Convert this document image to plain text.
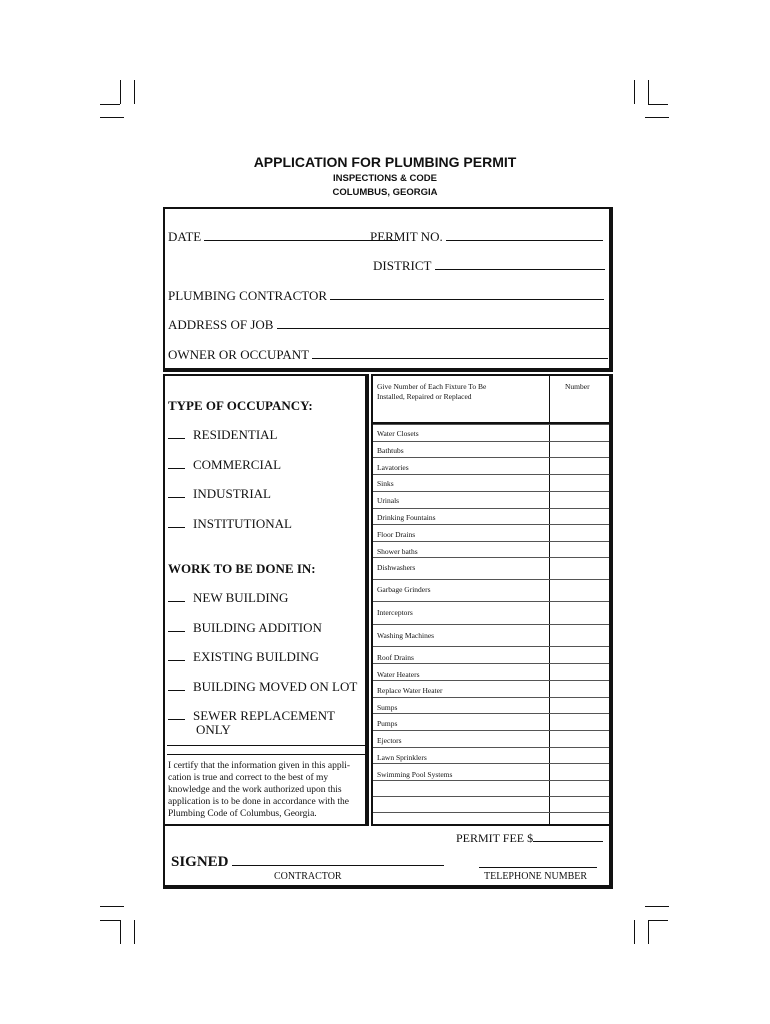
APPLICATION FOR PLUMBING PERMIT
INSPECTIONS & CODE
COLUMBUS, GEORGIA
DATE	PERMIT NO.
DISTRICT
PLUMBING CONTRACTOR
ADDRESS OF JOB
OWNER OR OCCUPANT
TYPE OF OCCUPANCY:
RESIDENTIAL
COMMERCIAL
INDUSTRIAL
INSTITUTIONAL
WORK TO BE DONE IN:
NEW BUILDING
BUILDING ADDITION
EXISTING BUILDING
BUILDING MOVED ON LOT
SEWER REPLACEMENT
ONLY
I certify that the information given in this appli-
cation is true and correct to the best of my
knowledge and the work authorized upon this
application is to be done in accordance with the
Plumbing Code of Columbus, Georgia.
Give Number of Each Fixture To Be
Installed, Repaired or Replaced
Number
Water Closets
Bathtubs
Lavatories
Sinks
Urinals
Drinking Fountains
Floor Drains
Shower baths
Dishwashers
Garbage Grinders
Interceptors
Washing Machines
Roof Drains
Water Heaters
Replace Water Heater
Sumps
Pumps
Ejectors
Lawn Sprinklers
Swimming Pool Systems
PERMIT FEE $
SIGNED
CONTRACTOR	TELEPHONE NUMBER
